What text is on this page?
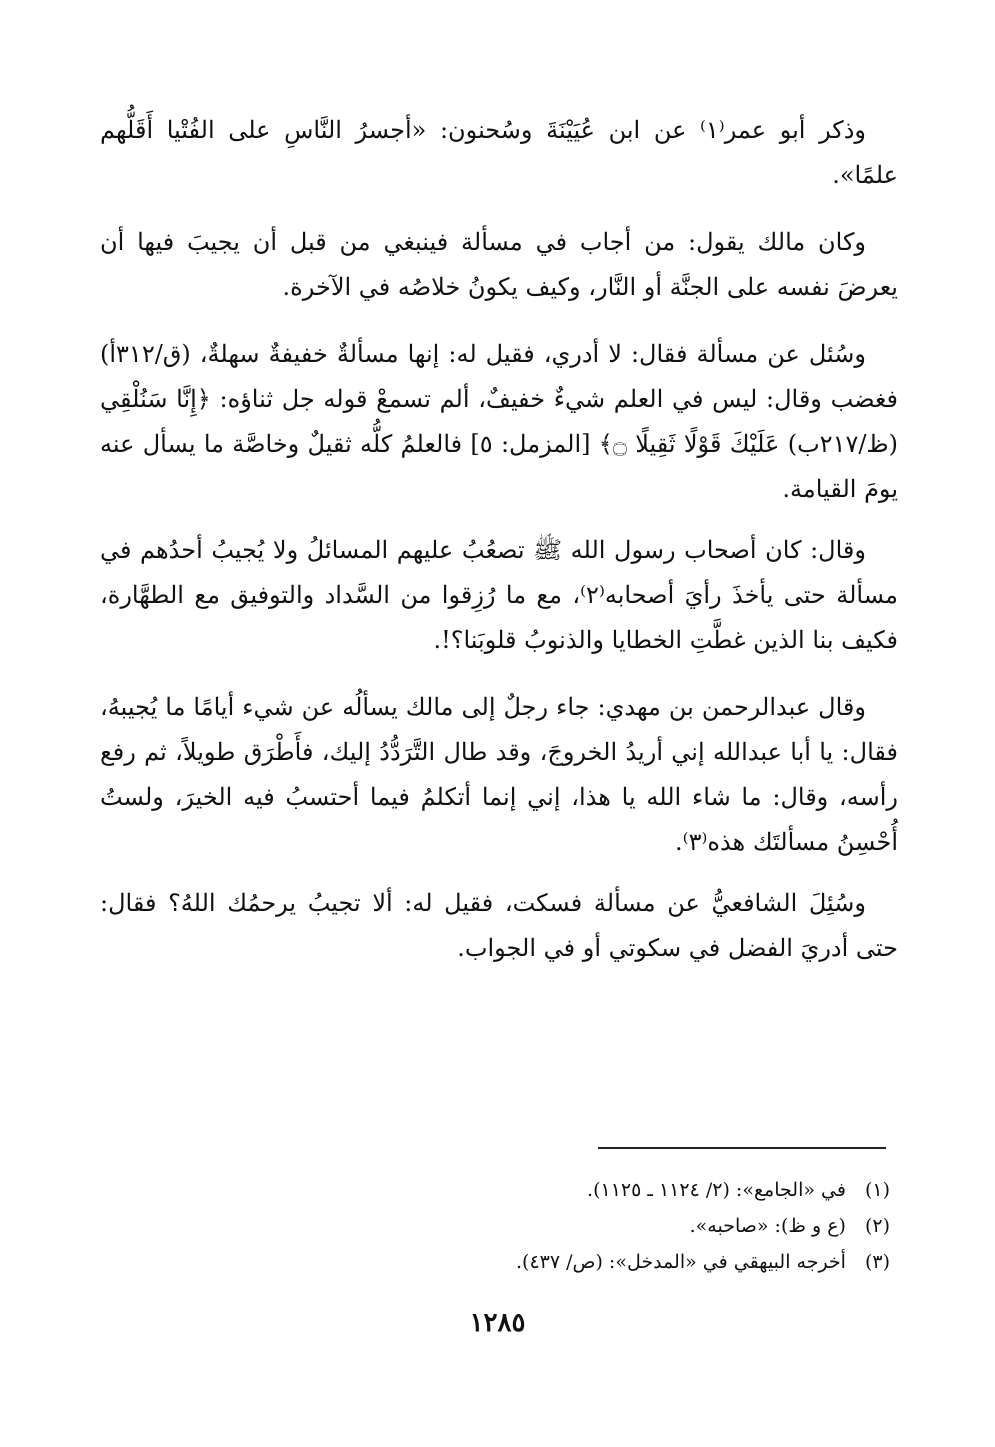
وذكر أبو عمر⁽١⁾ عن ابن عُيَيْنَةَ وسُحنون: «أجسرُ النَّاسِ على الفُتْيا أَقَلُّهم علمًا».

وكان مالك يقول: من أجاب في مسألة فينبغي من قبل أن يجيبَ فيها أن يعرضَ نفسه على الجنَّة أو النَّار، وكيف يكونُ خلاصُه في الآخرة.

وسُئل عن مسألة فقال: لا أدري، فقيل له: إنها مسألةٌ خفيفةٌ سهلةٌ، (ق/٣١٢أ) فغضب وقال: ليس في العلم شيءٌ خفيفٌ، ألم تسمعْ قوله جل ثناؤه: ﴿إِنَّا سَنُلْقِي (ظ/٢١٧ب) عَلَيْكَ قَوْلًا ثَقِيلًا ۝﴾ [المزمل: ٥] فالعلمُ كلُّه ثقيلٌ وخاصَّة ما يسأل عنه يومَ القيامة.

وقال: كان أصحاب رسول الله ﷺ تصعُبُ عليهم المسائلُ ولا يُجيبُ أحدُهم في مسألة حتى يأخذَ رأيَ أصحابه⁽٢⁾، مع ما رُزِقوا من السَّداد والتوفيق مع الطهَّارة، فكيف بنا الذين غطَّتِ الخطايا والذنوبُ قلوبَنا؟!.

وقال عبدالرحمن بن مهدي: جاء رجلٌ إلى مالك يسألُه عن شيء أيامًا ما يُجيبهُ، فقال: يا أبا عبدالله إني أريدُ الخروجَ، وقد طال التَّرَدُّدُ إليك، فأَطْرَق طويلاً، ثم رفع رأسه، وقال: ما شاء الله يا هذا، إني إنما أتكلمُ فيما أحتسبُ فيه الخيرَ، ولستُ أُحْسِنُ مسألتَك هذه⁽٣⁾.

وسُئِلَ الشافعيُّ عن مسألة فسكت، فقيل له: ألا تجيبُ يرحمُك اللهُ؟ فقال: حتى أدريَ الفضل في سكوتي أو في الجواب.

(١) في «الجامع»: (٢/ ١١٢٤ ـ ١١٢٥).

(٢) (ع و ظ): «صاحبه».

(٣) أخرجه البيهقي في «المدخل»: (ص/ ٤٣٧).

١٢٨٥
